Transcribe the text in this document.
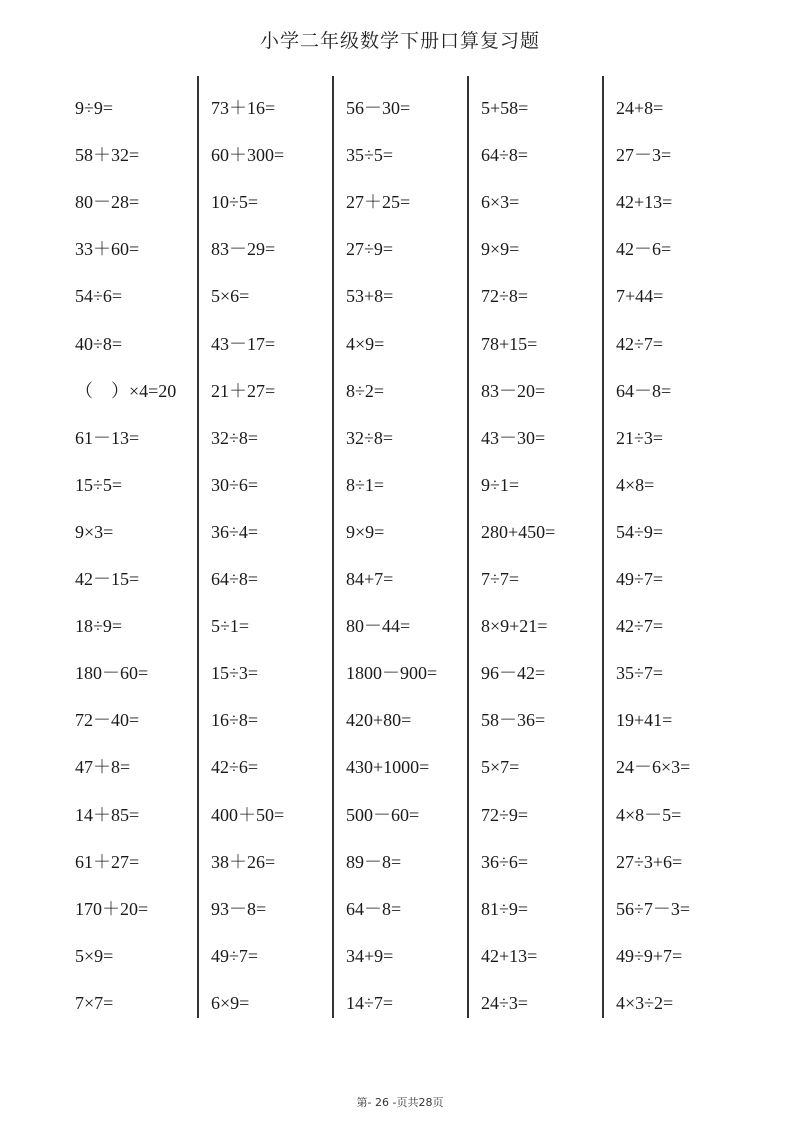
小学二年级数学下册口算复习题
9÷9=
58＋32=
80－28=
33＋60=
54÷6=
40÷8=
（　）×4=20
61－13=
15÷5=
9×3=
42－15=
18÷9=
180－60=
72－40=
47＋8=
14＋85=
61＋27=
170＋20=
5×9=
7×7=
73＋16=
60＋300=
10÷5=
83－29=
5×6=
43－17=
21＋27=
32÷8=
30÷6=
36÷4=
64÷8=
5÷1=
15÷3=
16÷8=
42÷6=
400＋50=
38＋26=
93－8=
49÷7=
6×9=
56－30=
35÷5=
27＋25=
27÷9=
53+8=
4×9=
8÷2=
32÷8=
8÷1=
9×9=
84+7=
80－44=
1800－900=
420+80=
430+1000=
500－60=
89－8=
64－8=
34+9=
14÷7=
5+58=
64÷8=
6×3=
9×9=
72÷8=
78+15=
83－20=
43－30=
9÷1=
280+450=
7÷7=
8×9+21=
96－42=
58－36=
5×7=
72÷9=
36÷6=
81÷9=
42+13=
24÷3=
24+8=
27－3=
42+13=
42－6=
7+44=
42÷7=
64－8=
21÷3=
4×8=
54÷9=
49÷7=
42÷7=
35÷7=
19+41=
24－6×3=
4×8－5=
27÷3+6=
56÷7－3=
49÷9+7=
4×3÷2=
第- 26 -页共28页
